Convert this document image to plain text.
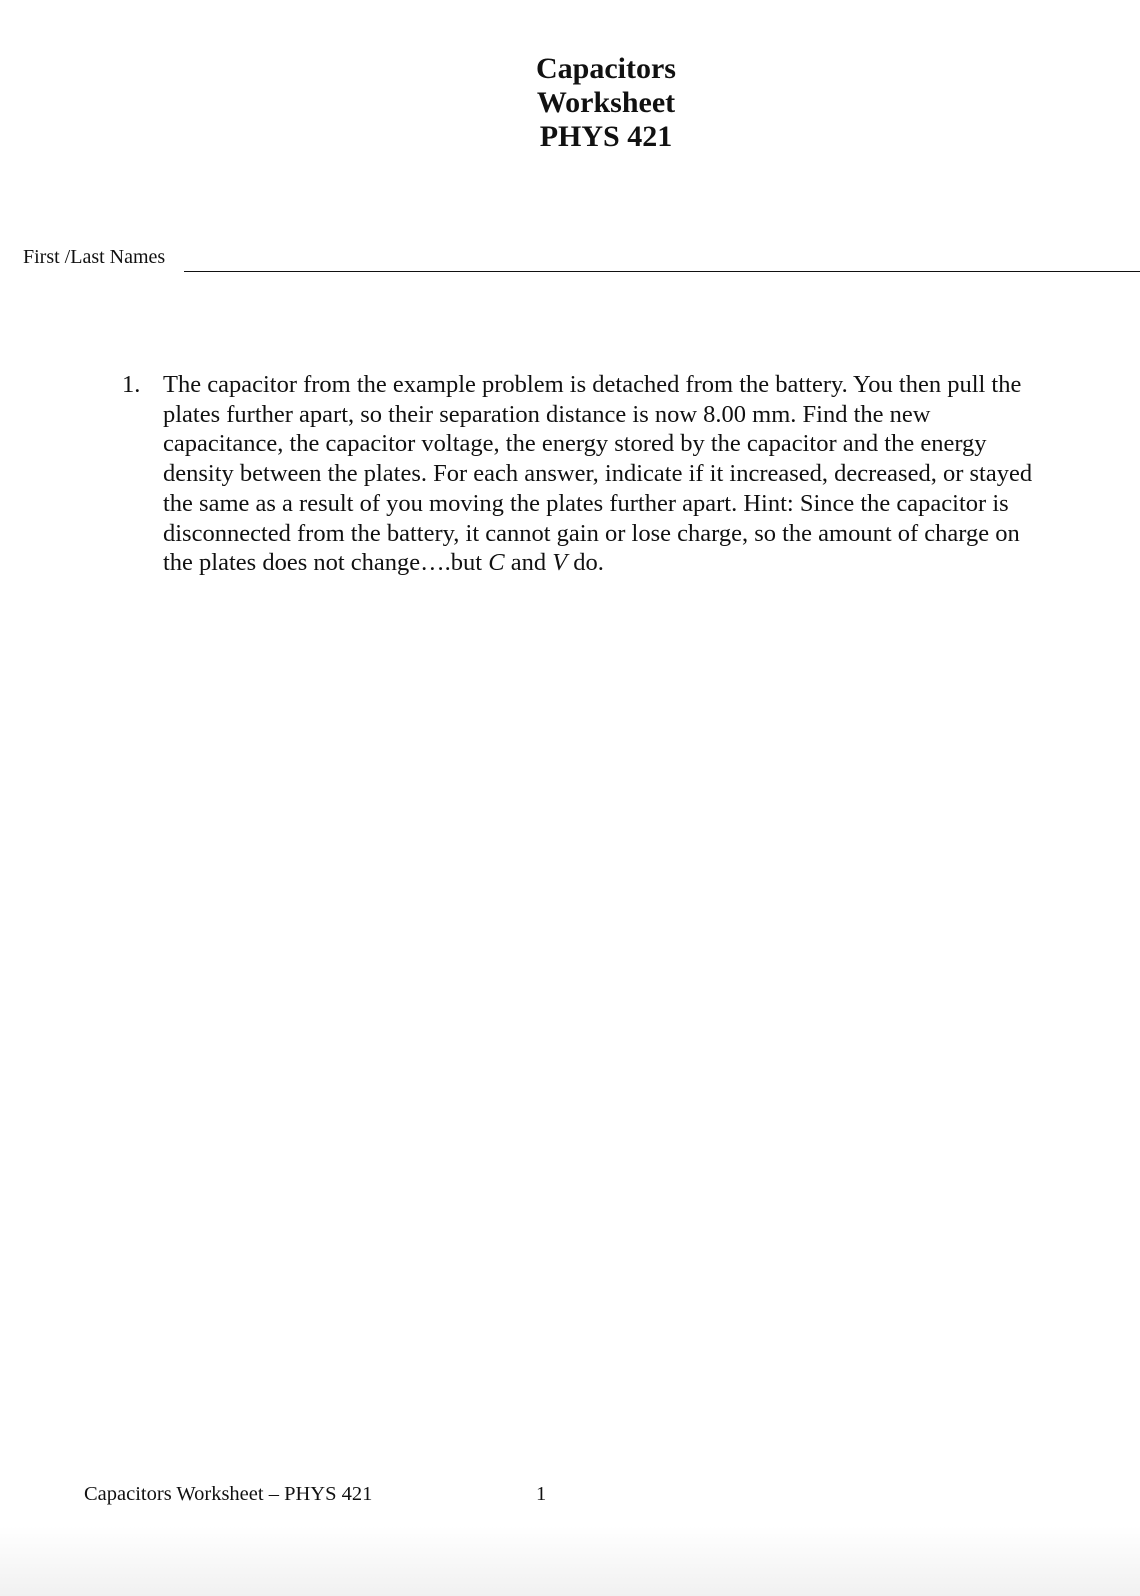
Capacitors
Worksheet
PHYS 421
First /Last Names
1. The capacitor from the example problem is detached from the battery. You then pull the
plates further apart, so their separation distance is now 8.00 mm. Find the new
capacitance, the capacitor voltage, the energy stored by the capacitor and the energy
density between the plates. For each answer, indicate if it increased, decreased, or stayed
the same as a result of you moving the plates further apart. Hint: Since the capacitor is
disconnected from the battery, it cannot gain or lose charge, so the amount of charge on
the plates does not change….but C and V do.
Capacitors Worksheet – PHYS 421	1
